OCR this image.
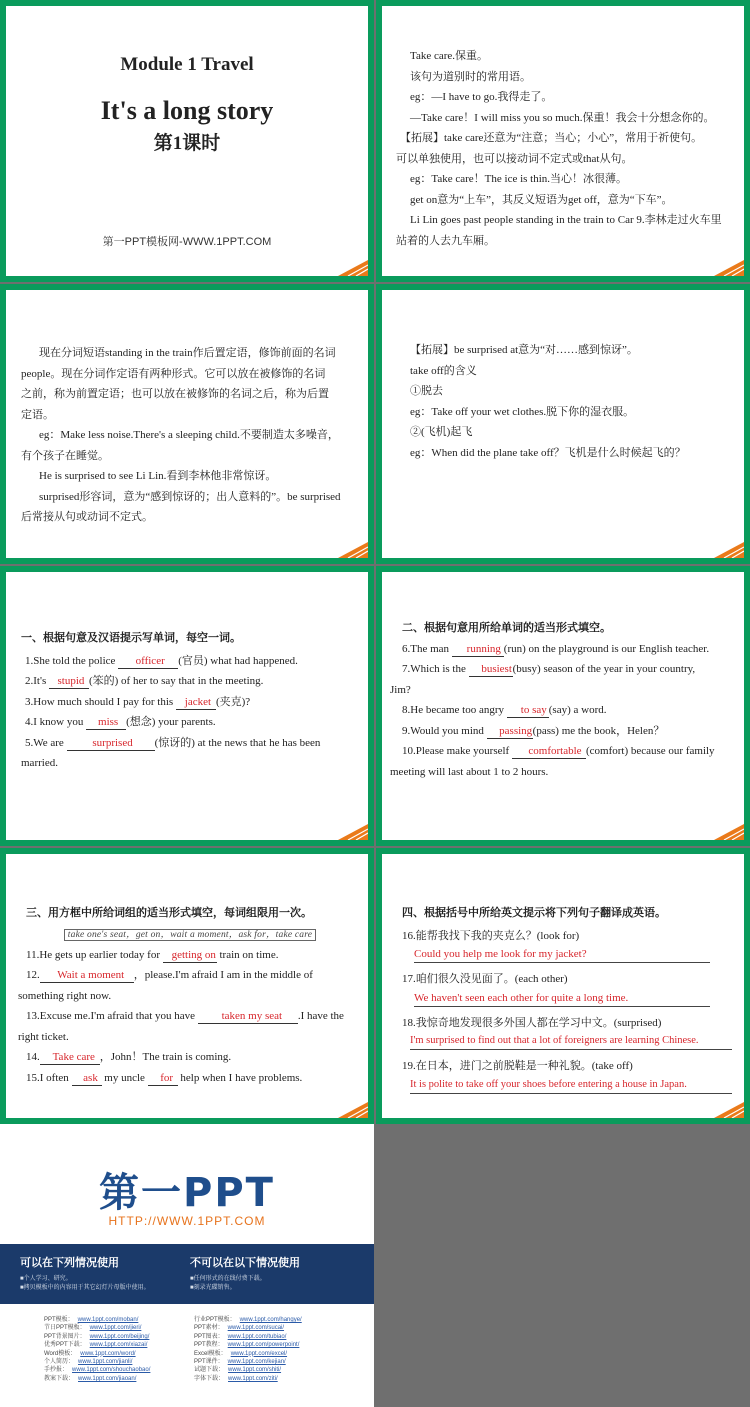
Module 1 Travel
It's a long story
第1课时
第一PPT模板网-WWW.1PPT.COM

Take care.保重。

该句为道别时的常用语。

eg：—I have to go.我得走了。

—Take care！I will miss you so much.保重！我会十分想念你的。

【拓展】take care还意为“注意；当心；小心”，常用于祈使句。

可以单独使用，也可以接动词不定式或that从句。

eg：Take care！The ice is thin.当心！冰很薄。

get on意为“上车”，其反义短语为get off，意为“下车”。

Li Lin goes past people standing in the train to Car 9.李林走过火车里

站着的人去九车厢。

现在分词短语standing in the train作后置定语，修饰前面的名词

people。现在分词作定语有两种形式。它可以放在被修饰的名词

之前，称为前置定语；也可以放在被修饰的名词之后，称为后置

定语。

eg：Make less noise.There's a sleeping child.不要制造太多噪音，

有个孩子在睡觉。

He is surprised to see Li Lin.看到李林他非常惊讶。

surprised形容词，意为“感到惊讶的；出人意料的”。be surprised

后常接从句或动词不定式。

【拓展】be surprised at意为“对……感到惊讶”。

take off的含义

①脱去

eg：Take off your wet clothes.脱下你的湿衣服。

②(飞机)起飞

eg：When did the plane take off？飞机是什么时候起飞的？

一、根据句意及汉语提示写单词，每空一词。

1.She told the police officer (官员) what had happened.

2.It's stupid (笨的) of her to say that in the meeting.

3.How much should I pay for this jacket (夹克)?

4.I know you miss (想念) your parents.

5.We are surprised (惊讶的) at the news that he has been

married.

二、根据句意用所给单词的适当形式填空。

6.The man running (run) on the playground is our English teacher.

7.Which is the busiest(busy) season of the year in your country,

Jim?

8.He became too angry to say (say) a word.

9.Would you mind passing(pass) me the book，Helen？

10.Please make yourself comfortable (comfort) because our family

meeting will last about 1 to 2 hours.

三、用方框中所给词组的适当形式填空，每词组限用一次。

take one's seat，get on，wait a moment，ask for，take care

11.He gets up earlier today for getting on train on time.

12. Wait a moment ，please.I'm afraid I am in the middle of

something right now.

13.Excuse me.I'm afraid that you have taken my seat .I have the

right ticket.

14. Take care ，John！The train is coming.

15.I often ask my uncle for help when I have problems.

四、根据括号中所给英文提示将下列句子翻译成英语。

16.能帮我找下我的夹克么？(look for)

Could you help me look for my jacket?

17.咱们很久没见面了。(each other)

We haven't seen each other for quite a long time.

18.我惊奇地发现很多外国人都在学习中文。(surprised)

I'm surprised to find out that a lot of foreigners are learning Chinese.

19.在日本，进门之前脱鞋是一种礼貌。(take off)

It is polite to take off your shoes before entering a house in Japan.
第一PPT
HTTP://WWW.1PPT.COM
可以在下列情况使用
■个人学习、研究。
■拷贝模板中的内容用于其它幻灯片母版中使用。
不可以在以下情况使用
■任何形式的在线付费下载。
■刻录光碟销售。
PPT模板： www.1ppt.com/moban/
节日PPT模板： www.1ppt.com/jieri/
PPT背景图片： www.1ppt.com/beijing/
优秀PPT下载： www.1ppt.com/xiazai/
Word模板： www.1ppt.com/word/
个人简历： www.1ppt.com/jianli/
手抄报： www.1ppt.com/shouchaobao/
教案下载： www.1ppt.com/jiaoan/
行业PPT模板： www.1ppt.com/hangye/
PPT素材： www.1ppt.com/sucai/
PPT图表： www.1ppt.com/tubiao/
PPT教程： www.1ppt.com/powerpoint/
Excel模板： www.1ppt.com/excel/
PPT课件： www.1ppt.com/kejian/
试题下载： www.1ppt.com/shiti/
字体下载： www.1ppt.com/ziti/
